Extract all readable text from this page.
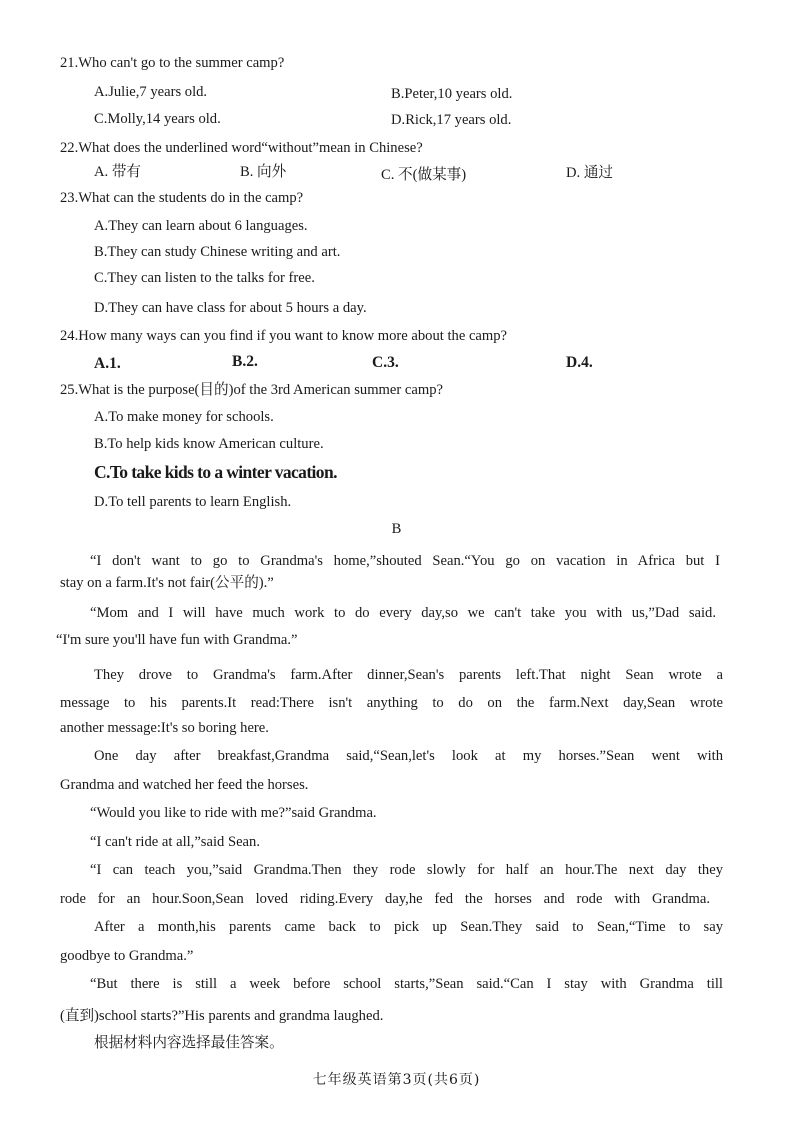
21.Who can't go to the summer camp?
A.Julie,7 years old.	B.Peter,10 years old.
C.Molly,14 years old.	D.Rick,17 years old.
22.What does the underlined word“without”mean in Chinese?
A. 带有	B. 向外	C. 不(做某事)	D. 通过
23.What can the students do in the camp?
A.They can learn about 6 languages.
B.They can study Chinese writing and art.
C.They can listen to the talks for free.
D.They can have class for about 5 hours a day.
24.How many ways can you find if you want to know more about the camp?
A.1.	B.2.	C.3.	D.4.
25.What is the purpose(目的)of the 3rd American summer camp?
A.To make money for schools.
B.To help kids know American culture.
C.To take kids to a winter vacation.
D.To tell parents to learn English.
B
“I don't want to go to Grandma's home,”shouted Sean.“You go on vacation in Africa but I
stay on a farm.It's not fair(公平的).”
“Mom and I will have much work to do every day,so we can't take you with us,”Dad said.
“I'm sure you'll have fun with Grandma.”
They drove to Grandma's farm.After dinner,Sean's parents left.That night Sean wrote a
message to his parents.It read:There isn't anything to do on the farm.Next day,Sean wrote
another message:It's so boring here.
One day after breakfast,Grandma said,“Sean,let's look at my horses.”Sean went with
Grandma and watched her feed the horses.
“Would you like to ride with me?”said Grandma.
“I can't ride at all,”said Sean.
“I can teach you,”said Grandma.Then they rode slowly for half an hour.The next day they
rode for an hour.Soon,Sean loved riding.Every day,he fed the horses and rode with Grandma.
After a month,his parents came back to pick up Sean.They said to Sean,“Time to say
goodbye to Grandma.”
“But there is still a week before school starts,”Sean said.“Can I stay with Grandma till
(直到)school starts?”His parents and grandma laughed.
根据材料内容选择最佳答案。
七年级英语第3页(共6页)
